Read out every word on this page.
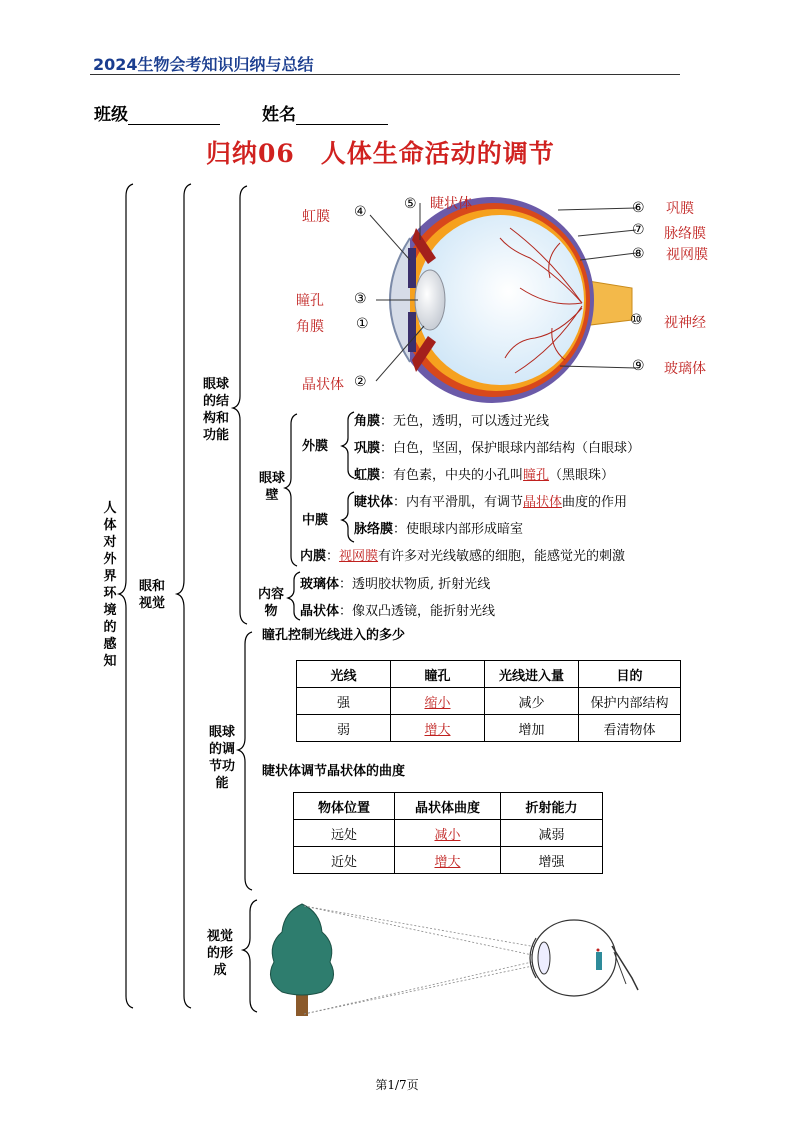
2024生物会考知识归纳与总结
班级	姓名
归纳06　人体生命活动的调节
人体对外界环境的感知
眼和视觉
眼球的结构和功能
眼球的调节功能
视觉的形成
眼球壁
外膜
中膜
内容物
虹膜 ④	⑤ 睫状体
瞳孔 ③
角膜 ①
晶状体 ②
⑥ 巩膜
⑦ 脉络膜
⑧ 视网膜
⑩ 视神经
⑨ 玻璃体
角膜：无色，透明，可以透过光线
巩膜：白色，坚固，保护眼球内部结构（白眼球）
虹膜：有色素，中央的小孔叫瞳孔（黑眼珠）
睫状体：内有平滑肌，有调节晶状体曲度的作用
脉络膜：使眼球内部形成暗室
内膜：视网膜有许多对光线敏感的细胞，能感觉光的刺激
玻璃体：透明胶状物质, 折射光线
晶状体：像双凸透镜，能折射光线
瞳孔控制光线进入的多少
光线	瞳孔	光线进入量	目的
强	缩小	减少	保护内部结构
弱	增大	增加	看清物体
睫状体调节晶状体的曲度
物体位置	晶状体曲度	折射能力
远处	减小	减弱
近处	增大	增强
第1/7页
